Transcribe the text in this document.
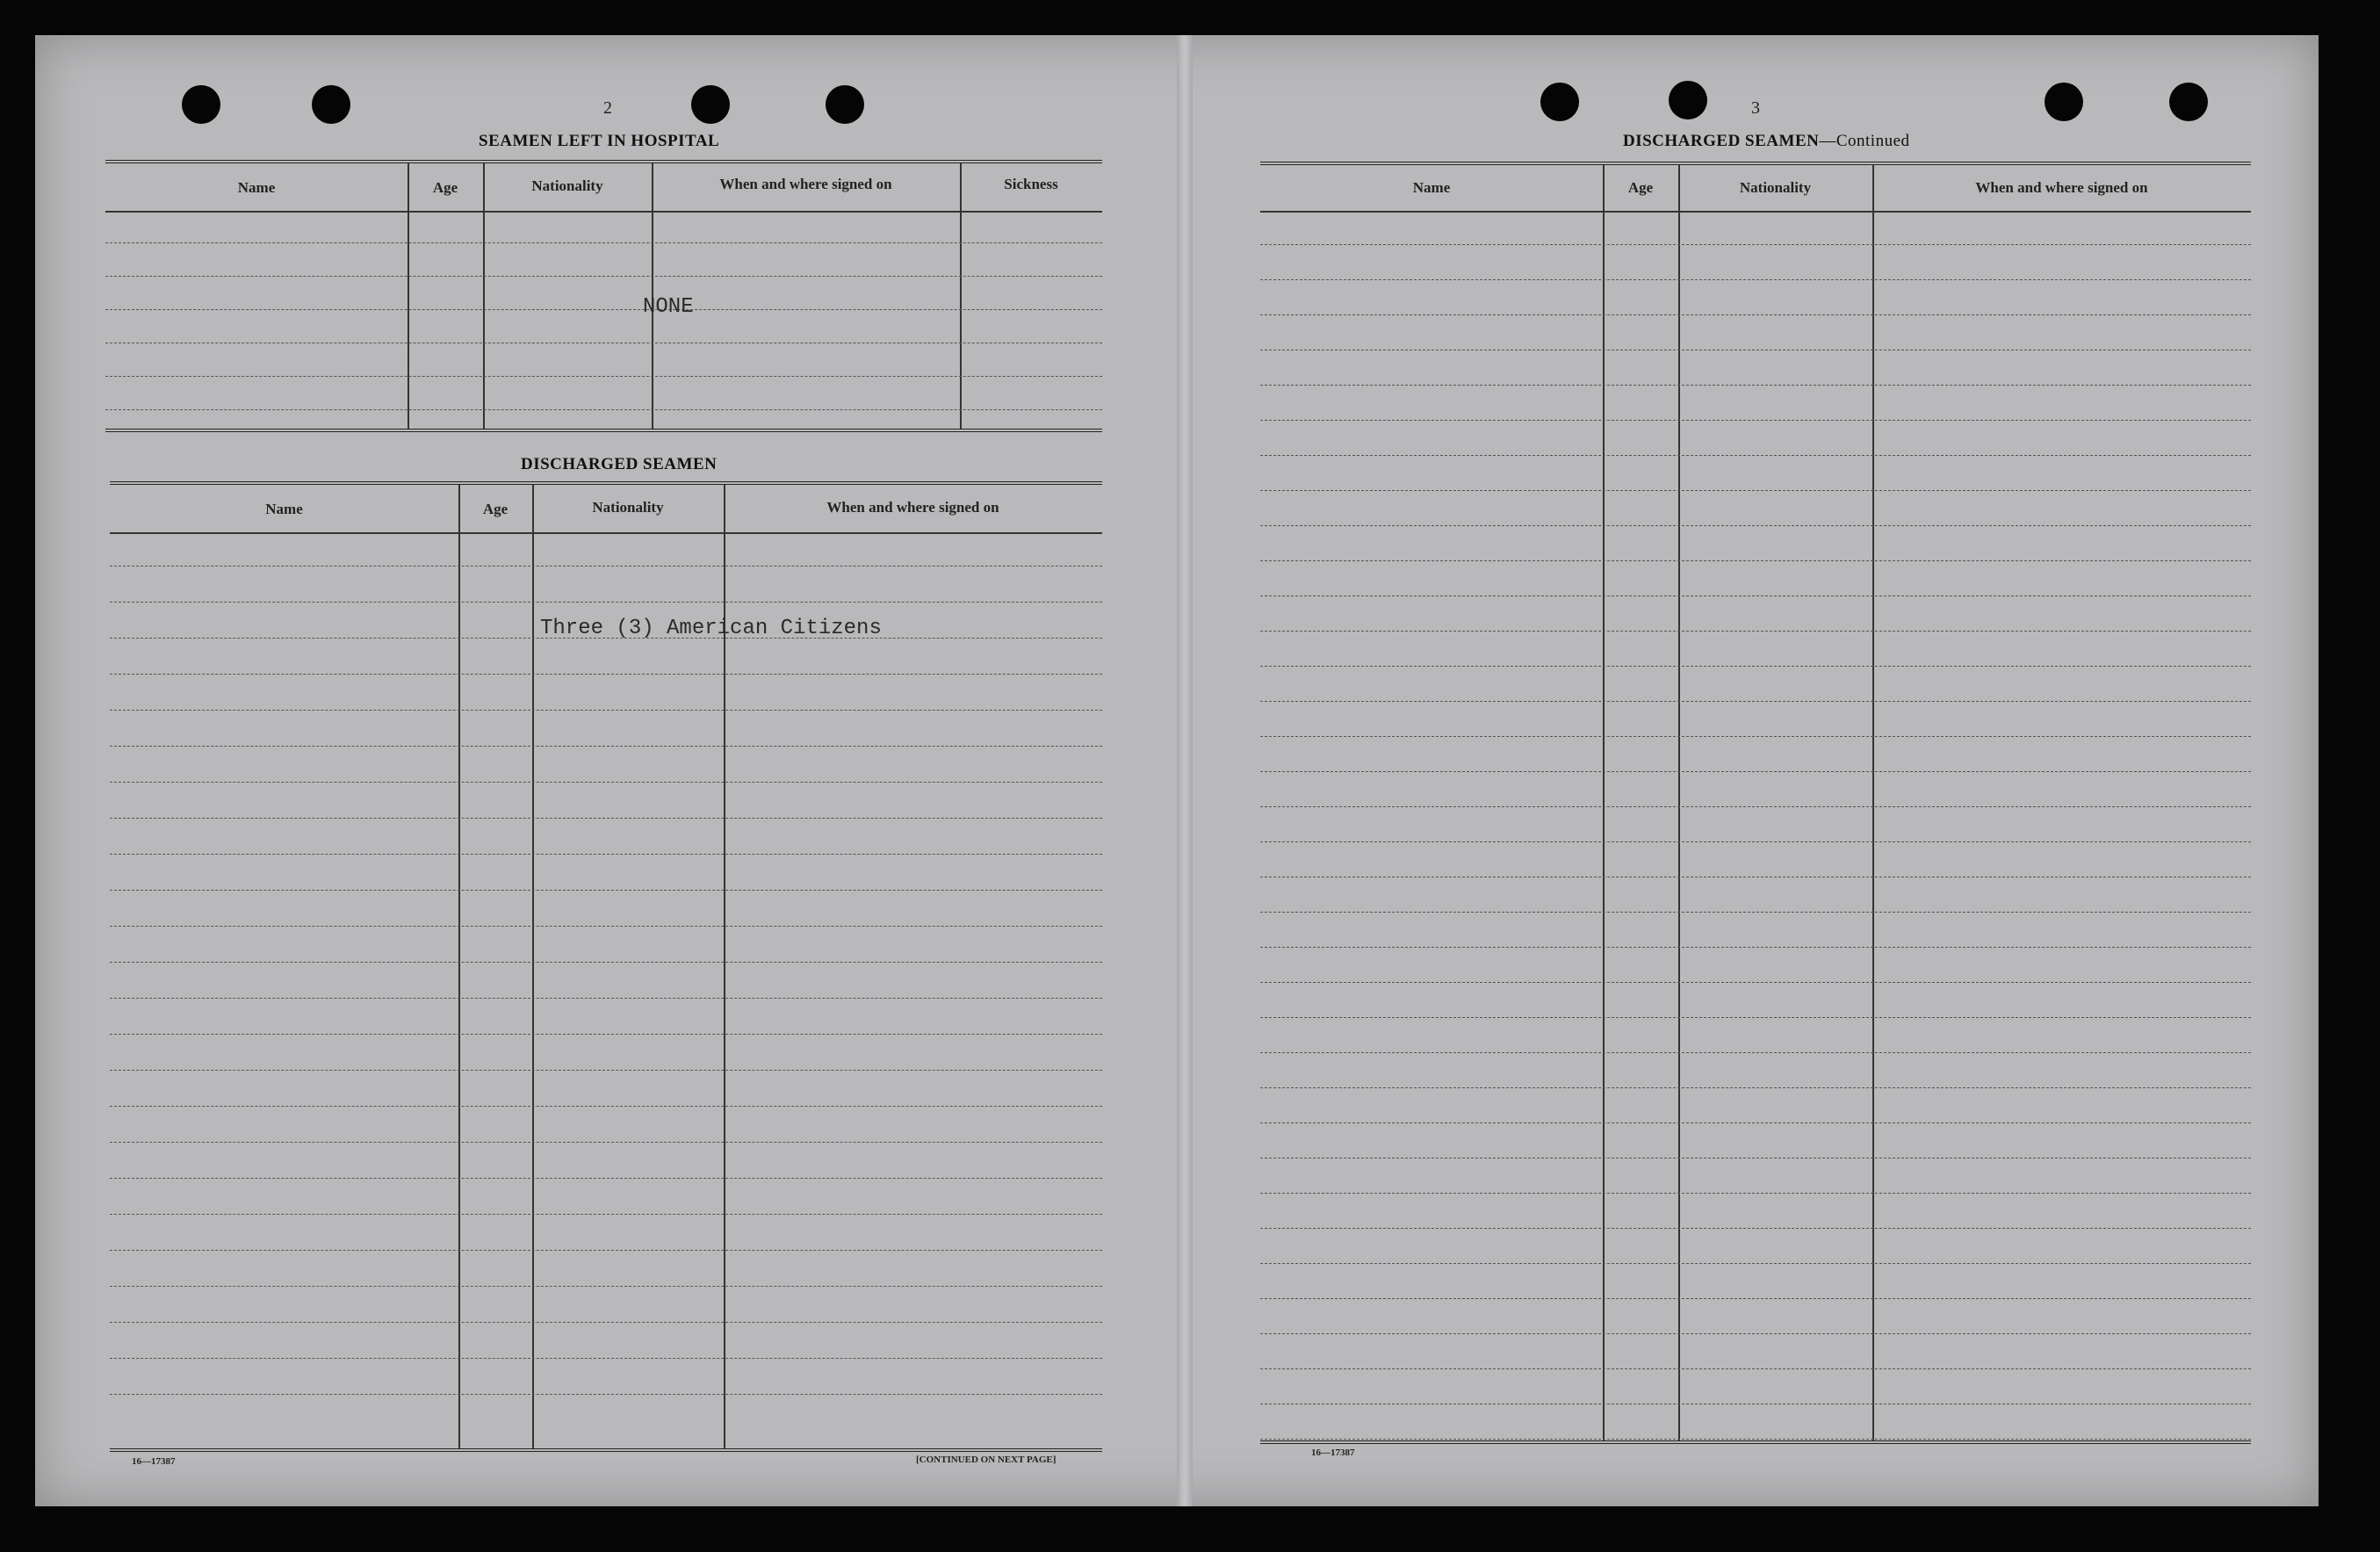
2
SEAMEN LEFT IN HOSPITAL
Name	Age	Nationality	When and where signed on	Sickness
NONE
DISCHARGED SEAMEN
Name	Age	Nationality	When and where signed on
Three (3) American Citizens
16—17387	[CONTINUED ON NEXT PAGE]
3
DISCHARGED SEAMEN—Continued
Name	Age	Nationality	When and where signed on
16—17387
